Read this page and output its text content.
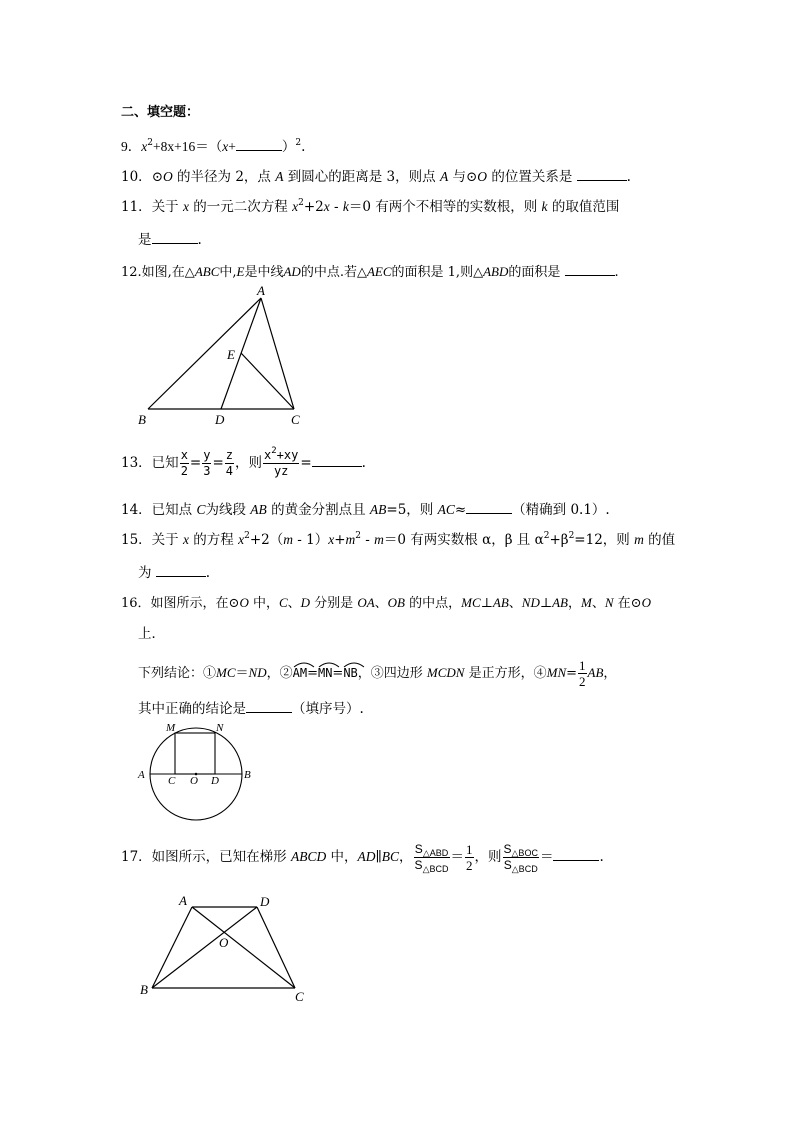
二、填空题：
9．$x^2+8x+16=(x+$	）$^2$.
10．⊙O 的半径为 2，点 A 到圆心的距离是 3，则点 A 与⊙O 的位置关系是	.
11．关于 x 的一元二次方程 $x^2+2x - k=0$ 有两个不相等的实数根，则 k 的取值范围
是	.
12.如图,在△ABC中,E是中线AD的中点.若△AEC的面积是 1,则△ABD的面积是	.
A
B	C
D
E
13．已知 $\frac{x}{2} = \frac{y}{3} = \frac{z}{4}$ ，则 $\frac{x^2+xy}{yz}$ =	.
14．已知点 C为线段 AB 的黄金分割点且 AB=5，则 AC≈	（精确到 0.1）.
15．关于 x 的方程 $x^2+2(m - 1)x+m^2 - m=0$ 有两实数根 α，β 且 $\alpha^2+\beta^2=12$，则 m 的值
为	.
16．如图所示，在⊙O 中，C、D 分别是 OA、OB 的中点，MC⊥AB、ND⊥AB，M、N 在⊙O
上．
下列结论：①MC＝ND，②
AM=
MN=
NB，③四边形 MCDN 是正方形，④MN= $\frac{1}{2}$ AB，
其中正确的结论是	（填序号）.
M	N
A	B
C O D
17．如图所示，已知在梯形 ABCD 中，AD∥BC， $\frac{S_{\triangle ABD}}{S_{\triangle BCD}} = \frac{1}{2}$ ，则 $\frac{S_{\triangle BOC}}{S_{\triangle BCD}}$ ＝	.
A	D
O
B	C
